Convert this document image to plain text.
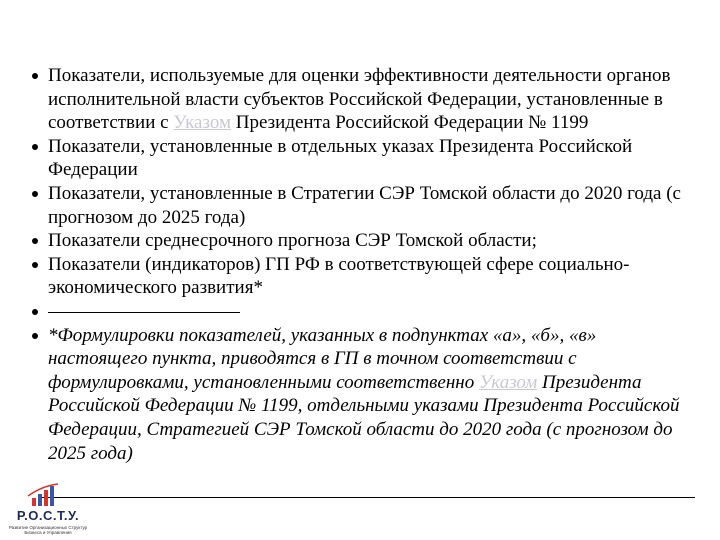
Показатели, используемые для оценки эффективности деятельности органов исполнительной власти субъектов Российской Федерации, установленные в соответствии с Указом Президента Российской Федерации № 1199
Показатели, установленные в отдельных указах Президента Российской Федерации
Показатели, установленные в Стратегии СЭР Томской области до 2020 года (с прогнозом до 2025 года)
Показатели среднесрочного прогноза СЭР Томской области;
Показатели (индикаторов) ГП РФ в соответствующей сфере социально-экономического развития*
*Формулировки показателей, указанных в подпунктах «а», «б», «в» настоящего пункта, приводятся в ГП в точном соответствии с формулировками, установленными соответственно Указом Президента Российской Федерации № 1199, отдельными указами Президента Российской Федерации, Стратегией СЭР Томской области до 2020 года (с прогнозом до 2025 года)
Р.О.С.Т.У.
Развитие Организационных Структур Бизнеса и Управления
